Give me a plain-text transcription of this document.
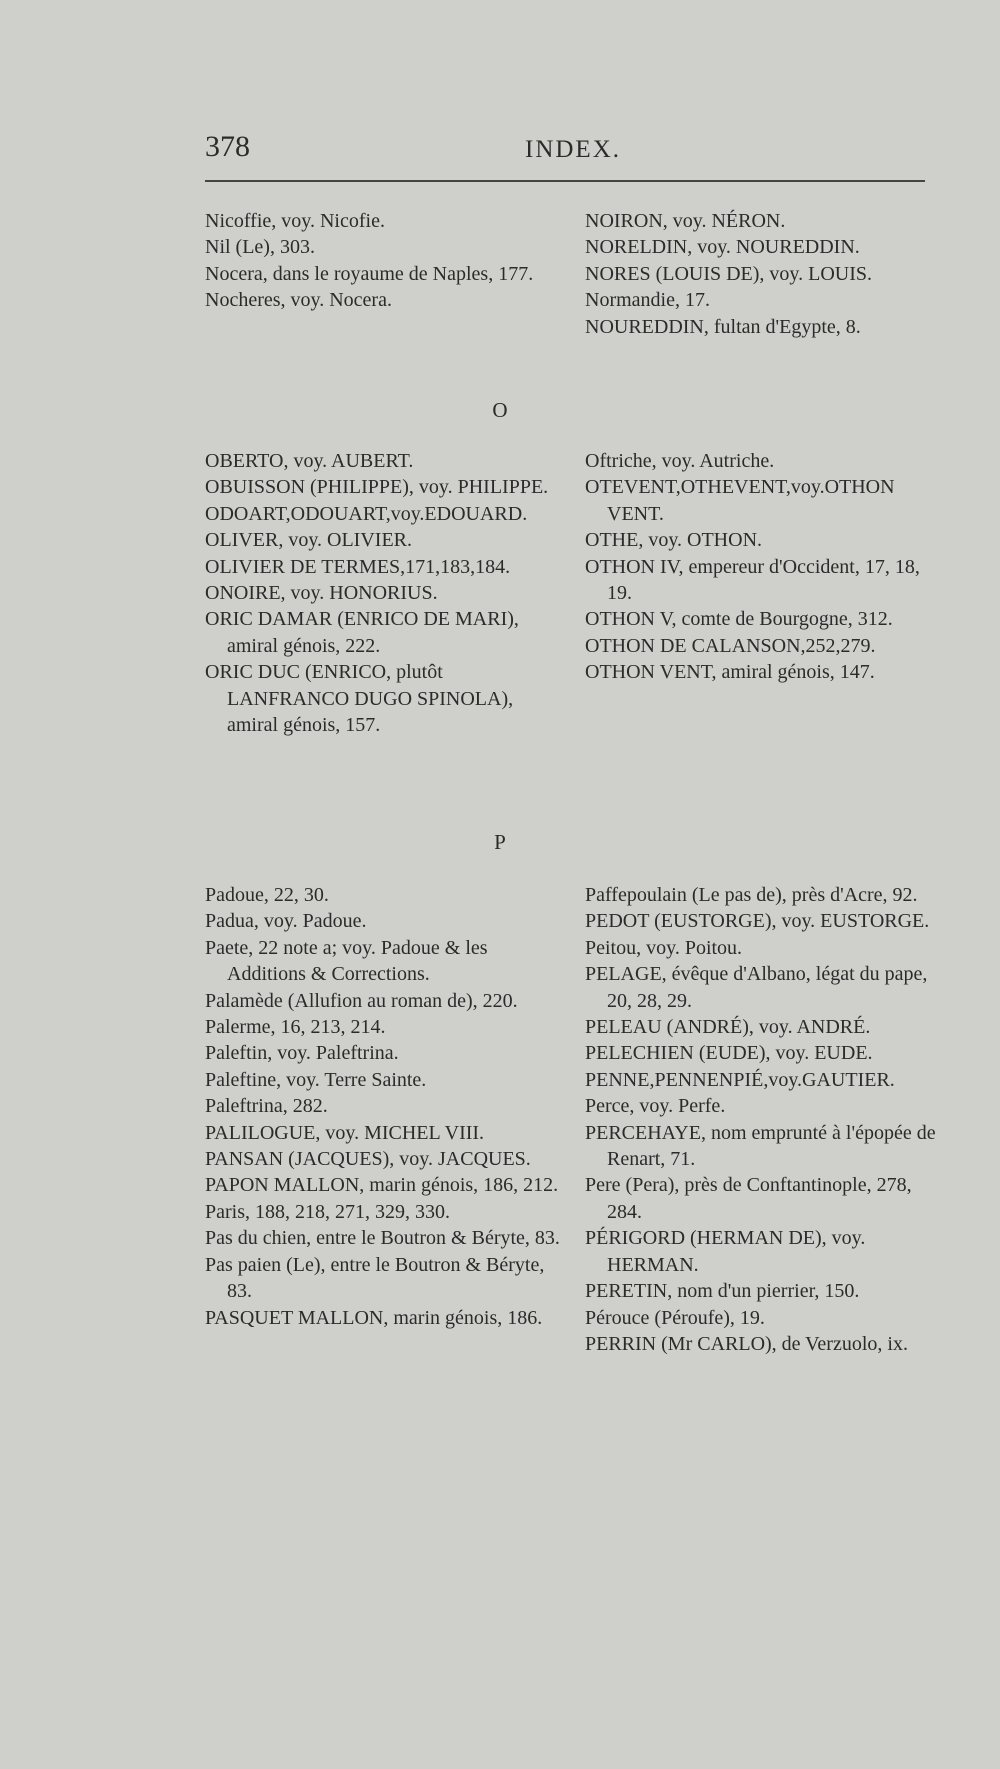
378	INDEX.
Nicoffie, voy. Nicofie.
Nil (Le), 303.
Nocera, dans le royaume de Naples, 177.
Nocheres, voy. Nocera.
NOIRON, voy. NÉRON.
NORELDIN, voy. NOUREDDIN.
NORES (LOUIS DE), voy. LOUIS.
Normandie, 17.
NOUREDDIN, fultan d'Egypte, 8.
O
OBERTO, voy. AUBERT.
OBUISSON (PHILIPPE), voy. PHILIPPE.
ODOART,ODOUART,voy.EDOUARD.
OLIVER, voy. OLIVIER.
OLIVIER DE TERMES,171,183,184.
ONOIRE, voy. HONORIUS.
ORIC DAMAR (ENRICO DE MARI), amiral génois, 222.
ORIC DUC (ENRICO, plutôt LANFRANCO DUGO SPINOLA), amiral génois, 157.
Oftriche, voy. Autriche.
OTEVENT,OTHEVENT,voy.OTHON VENT.
OTHE, voy. OTHON.
OTHON IV, empereur d'Occident, 17, 18, 19.
OTHON V, comte de Bourgogne, 312.
OTHON DE CALANSON,252,279.
OTHON VENT, amiral génois, 147.
P
Padoue, 22, 30.
Padua, voy. Padoue.
Paete, 22 note a; voy. Padoue & les Additions & Corrections.
Palamède (Allufion au roman de), 220.
Palerme, 16, 213, 214.
Paleftin, voy. Paleftrina.
Paleftine, voy. Terre Sainte.
Paleftrina, 282.
PALILOGUE, voy. MICHEL VIII.
PANSAN (JACQUES), voy. JACQUES.
PAPON MALLON, marin génois, 186, 212.
Paris, 188, 218, 271, 329, 330.
Pas du chien, entre le Boutron & Béryte, 83.
Pas paien (Le), entre le Boutron & Béryte, 83.
PASQUET MALLON, marin génois, 186.
Paffepoulain (Le pas de), près d'Acre, 92.
PEDOT (EUSTORGE), voy. EUSTORGE.
Peitou, voy. Poitou.
PELAGE, évêque d'Albano, légat du pape, 20, 28, 29.
PELEAU (ANDRÉ), voy. ANDRÉ.
PELECHIEN (EUDE), voy. EUDE.
PENNE,PENNENPIÉ,voy.GAUTIER.
Perce, voy. Perfe.
PERCEHAYE, nom emprunté à l'épopée de Renart, 71.
Pere (Pera), près de Conftantinople, 278, 284.
PÉRIGORD (HERMAN DE), voy. HERMAN.
PERETIN, nom d'un pierrier, 150.
Pérouce (Péroufe), 19.
PERRIN (Mr CARLO), de Verzuolo, ix.
